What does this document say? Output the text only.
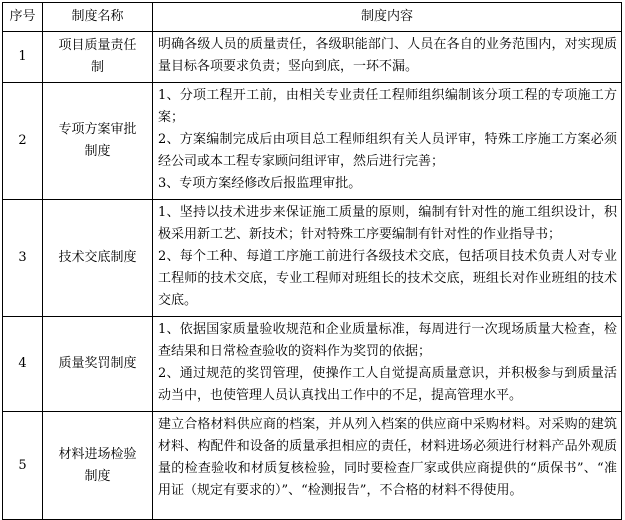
序号	制度名称	制度内容
1	项目质量责任制	明确各级人员的质量责任，各级职能部门、人员在各自的业务范围内，对实现质量目标各项要求负责；竖向到底，一环不漏。

2	专项方案审批制度	1、分项工程开工前，由相关专业责任工程师组织编制该分项工程的专项施工方案；
2、方案编制完成后由项目总工程师组织有关人员评审，特殊工序施工方案必须经公司或本工程专家顾问组评审，然后进行完善；
3、专项方案经修改后报监理审批。

3	技术交底制度	1、坚持以技术进步来保证施工质量的原则，编制有针对性的施工组织设计，积极采用新工艺、新技术；针对特殊工序要编制有针对性的作业指导书；
2、每个工种、每道工序施工前进行各级技术交底，包括项目技术负责人对专业工程师的技术交底，专业工程师对班组长的技术交底，班组长对作业班组的技术交底。

4	质量奖罚制度	1、依据国家质量验收规范和企业质量标准，每周进行一次现场质量大检查，检查结果和日常检查验收的资料作为奖罚的依据；
2、通过规范的奖罚管理，使操作工人自觉提高质量意识，并积极参与到质量活动当中，也使管理人员认真找出工作中的不足，提高管理水平。

5	材料进场检验制度	建立合格材料供应商的档案，并从列入档案的供应商中采购材料。对采购的建筑材料、构配件和设备的质量承担相应的责任，材料进场必须进行材料产品外观质量的检查验收和材质复核检验，同时要检查厂家或供应商提供的“质保书”、“准用证（规定有要求的）”、“检测报告”，不合格的材料不得使用。
